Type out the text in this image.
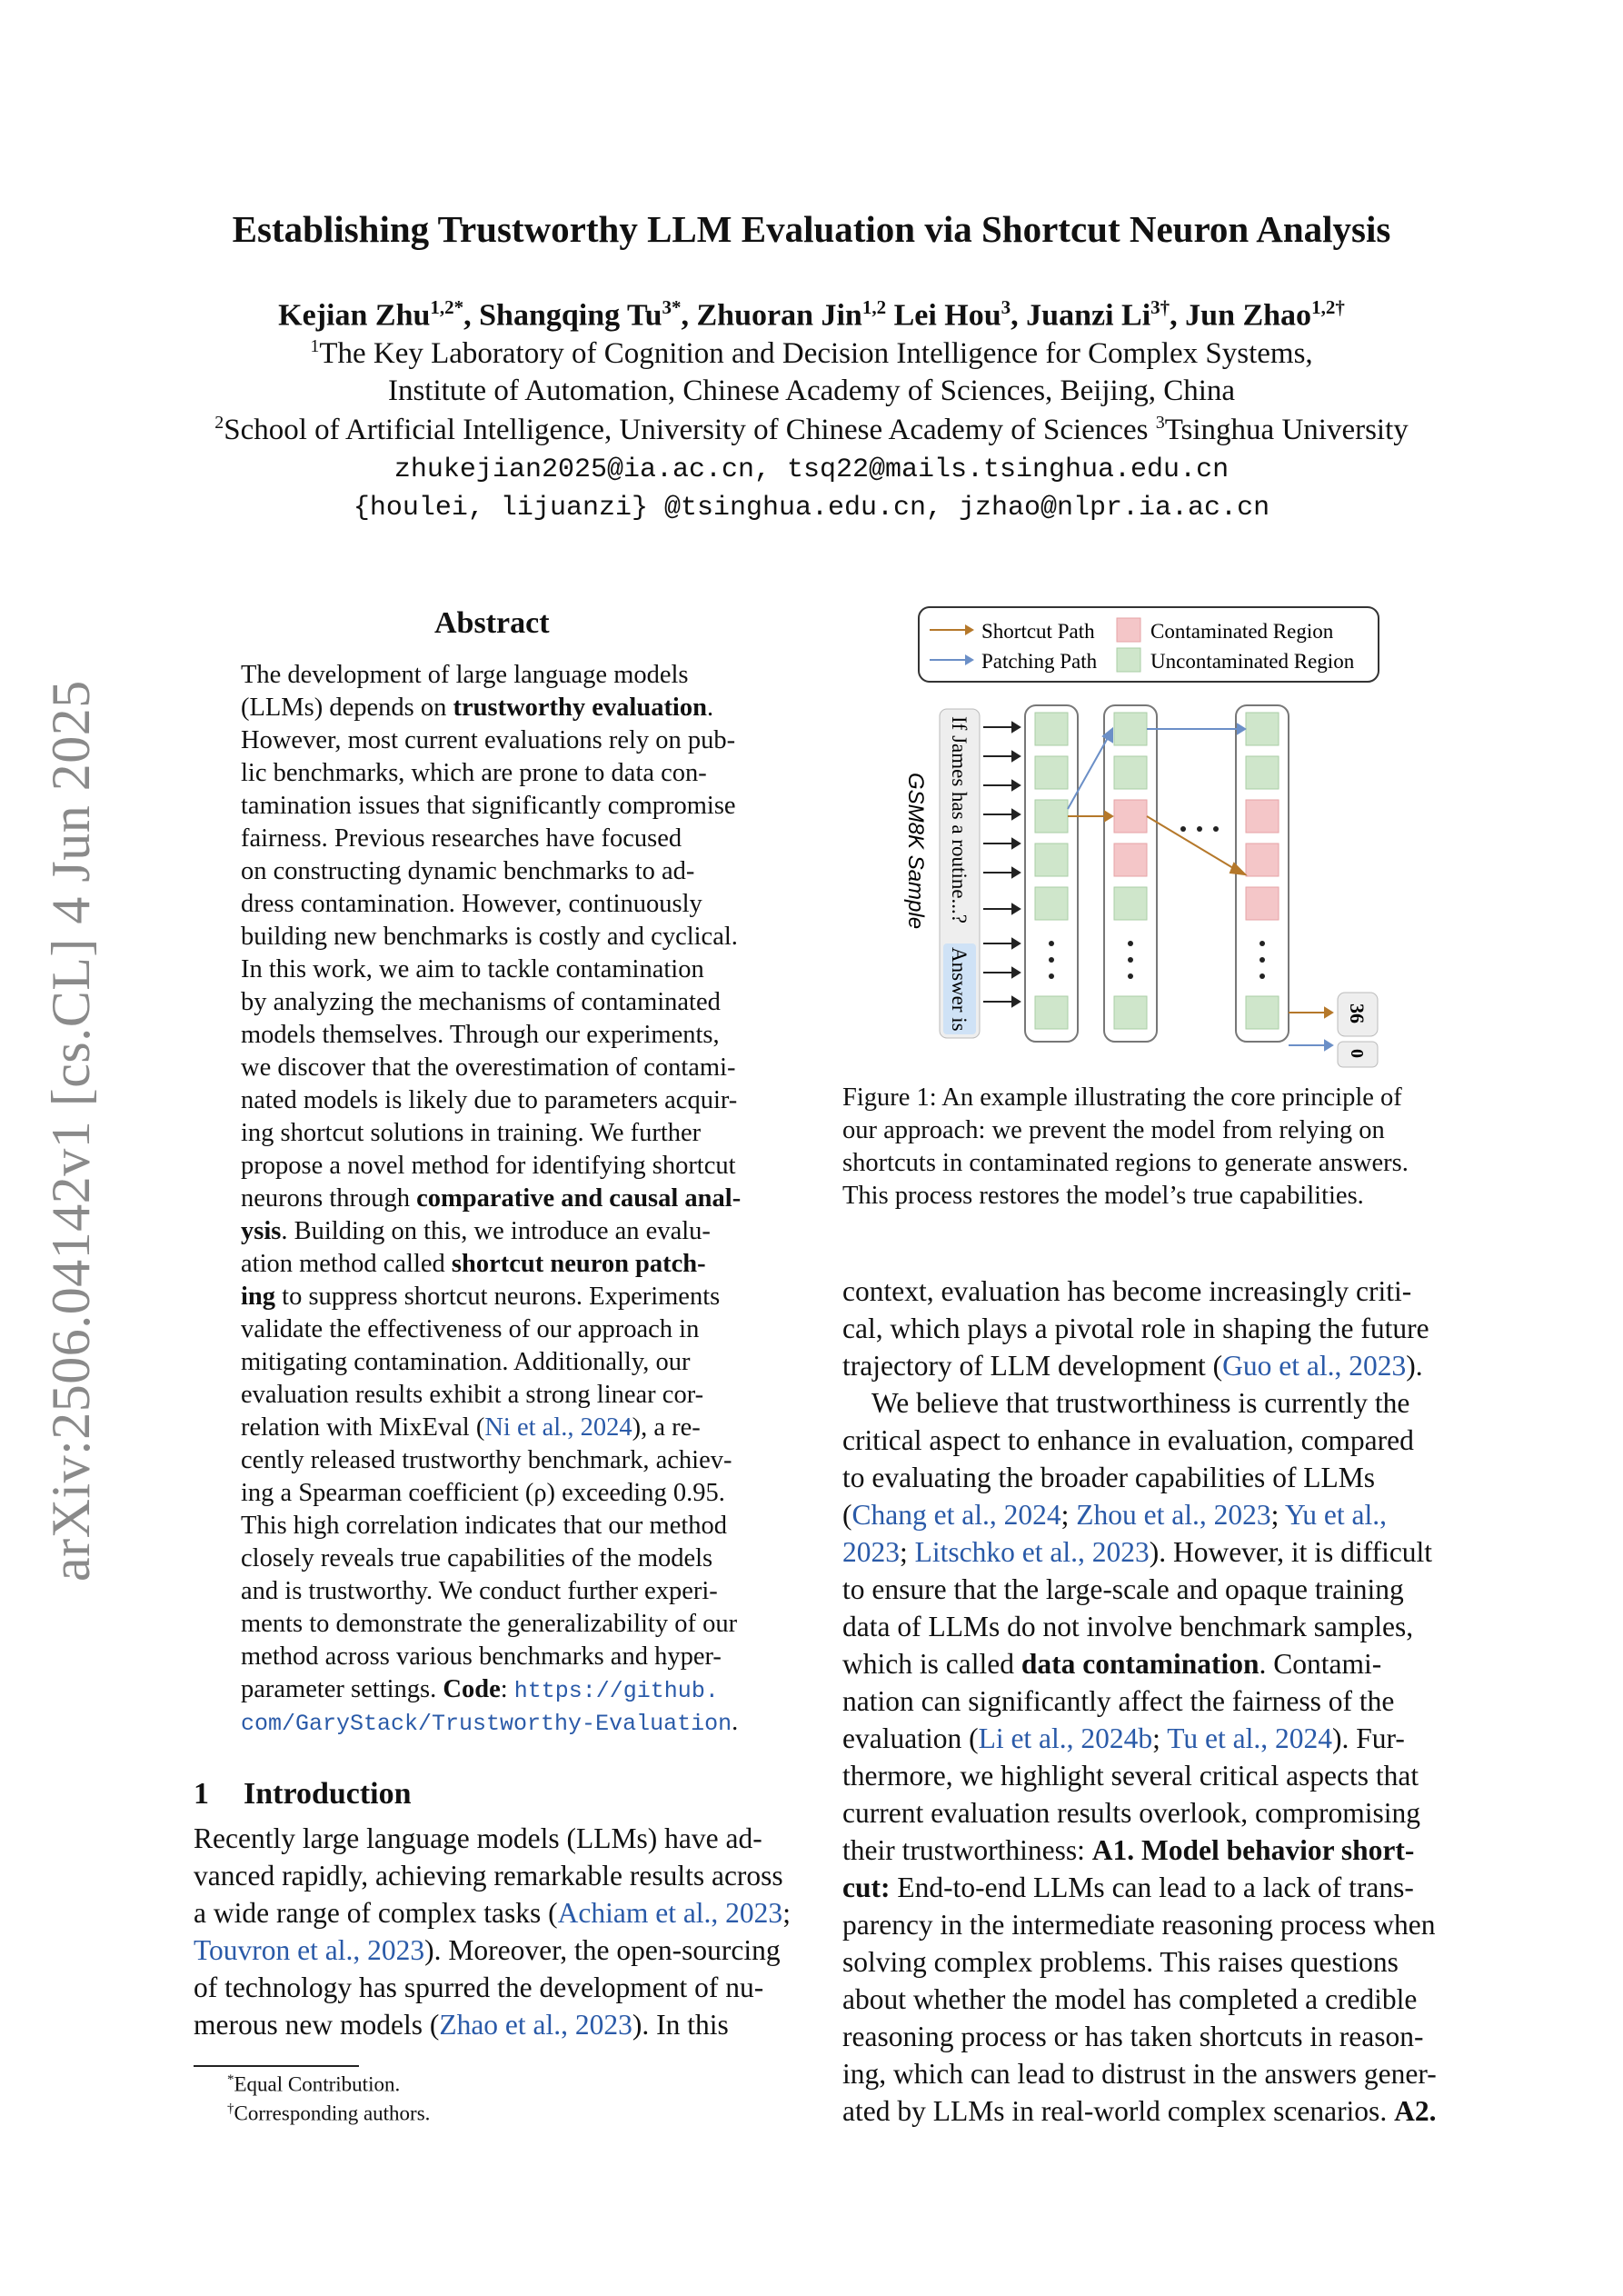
arXiv:2506.04142v1 [cs.CL] 4 Jun 2025
Establishing Trustworthy LLM Evaluation via Shortcut Neuron Analysis
Kejian Zhu$^{1,2*}$, Shangqing $Tu^{3*}$, Zhuoran Jin$^{1,2}$ Lei Hou$^3$, Juanzi $Li^{3\dagger}$, Jun Zhao$^{1,2\dagger}$
$^1$The Key Laboratory of Cognition and Decision Intelligence for Complex Systems,
Institute of Automation, Chinese Academy of Sciences, Beijing, China
$^2$School of Artificial Intelligence, University of Chinese Academy of Sciences $^3$Tsinghua University
zhukejian2025@ia.ac.cn, tsq22@mails.tsinghua.edu.cn
{houlei, lijuanzi} @tsinghua.edu.cn, jzhao@nlpr.ia.ac.cn
Abstract
The development of large language models
(LLMs) depends on trustworthy evaluation.
However, most current evaluations rely on pub-
lic benchmarks, which are prone to data con-
tamination issues that significantly compromise
fairness. Previous researches have focused
on constructing dynamic benchmarks to ad-
dress contamination. However, continuously
building new benchmarks is costly and cyclical.
In this work, we aim to tackle contamination
by analyzing the mechanisms of contaminated
models themselves. Through our experiments,
we discover that the overestimation of contami-
nated models is likely due to parameters acquir-
ing shortcut solutions in training. We further
propose a novel method for identifying shortcut
neurons through comparative and causal anal-
ysis. Building on this, we introduce an evalu-
ation method called shortcut neuron patch-
ing to suppress shortcut neurons. Experiments
validate the effectiveness of our approach in
mitigating contamination. Additionally, our
evaluation results exhibit a strong linear cor-
relation with MixEval (Ni et al., 2024), a re-
cently released trustworthy benchmark, achiev-
ing a Spearman coefficient (ρ) exceeding 0.95.
This high correlation indicates that our method
closely reveals true capabilities of the models
and is trustworthy. We conduct further experi-
ments to demonstrate the generalizability of our
method across various benchmarks and hyper-
parameter settings. Code: https://github.
com/GaryStack/Trustworthy-Evaluation.
1 Introduction
Recently large language models (LLMs) have ad-
vanced rapidly, achieving remarkable results across
a wide range of complex tasks (Achiam et al., 2023;
Touvron et al., 2023). Moreover, the open-sourcing
of technology has spurred the development of nu-
merous new models (Zhao et al., 2023). In this
*Equal Contribution.
†Corresponding authors.
Shortcut Path
Patching Path
Contaminated Region
Uncontaminated Region
GSM8K Sample If James has a routine...?
Answer is	36
0
Figure 1: An example illustrating the core principle of
our approach: we prevent the model from relying on
shortcuts in contaminated regions to generate answers.
This process restores the model’s true capabilities.
context, evaluation has become increasingly criti-
cal, which plays a pivotal role in shaping the future
trajectory of LLM development (Guo et al., 2023).
We believe that trustworthiness is currently the
critical aspect to enhance in evaluation, compared
to evaluating the broader capabilities of LLMs
(Chang et al., 2024; Zhou et al., 2023; Yu et al.,
2023; Litschko et al., 2023). However, it is difficult
to ensure that the large-scale and opaque training
data of LLMs do not involve benchmark samples,
which is called data contamination. Contami-
nation can significantly affect the fairness of the
evaluation (Li et al., 2024b; Tu et al., 2024). Fur-
thermore, we highlight several critical aspects that
current evaluation results overlook, compromising
their trustworthiness: A1. Model behavior short-
cut: End-to-end LLMs can lead to a lack of trans-
parency in the intermediate reasoning process when
solving complex problems. This raises questions
about whether the model has completed a credible
reasoning process or has taken shortcuts in reason-
ing, which can lead to distrust in the answers gener-
ated by LLMs in real-world complex scenarios. A2.
